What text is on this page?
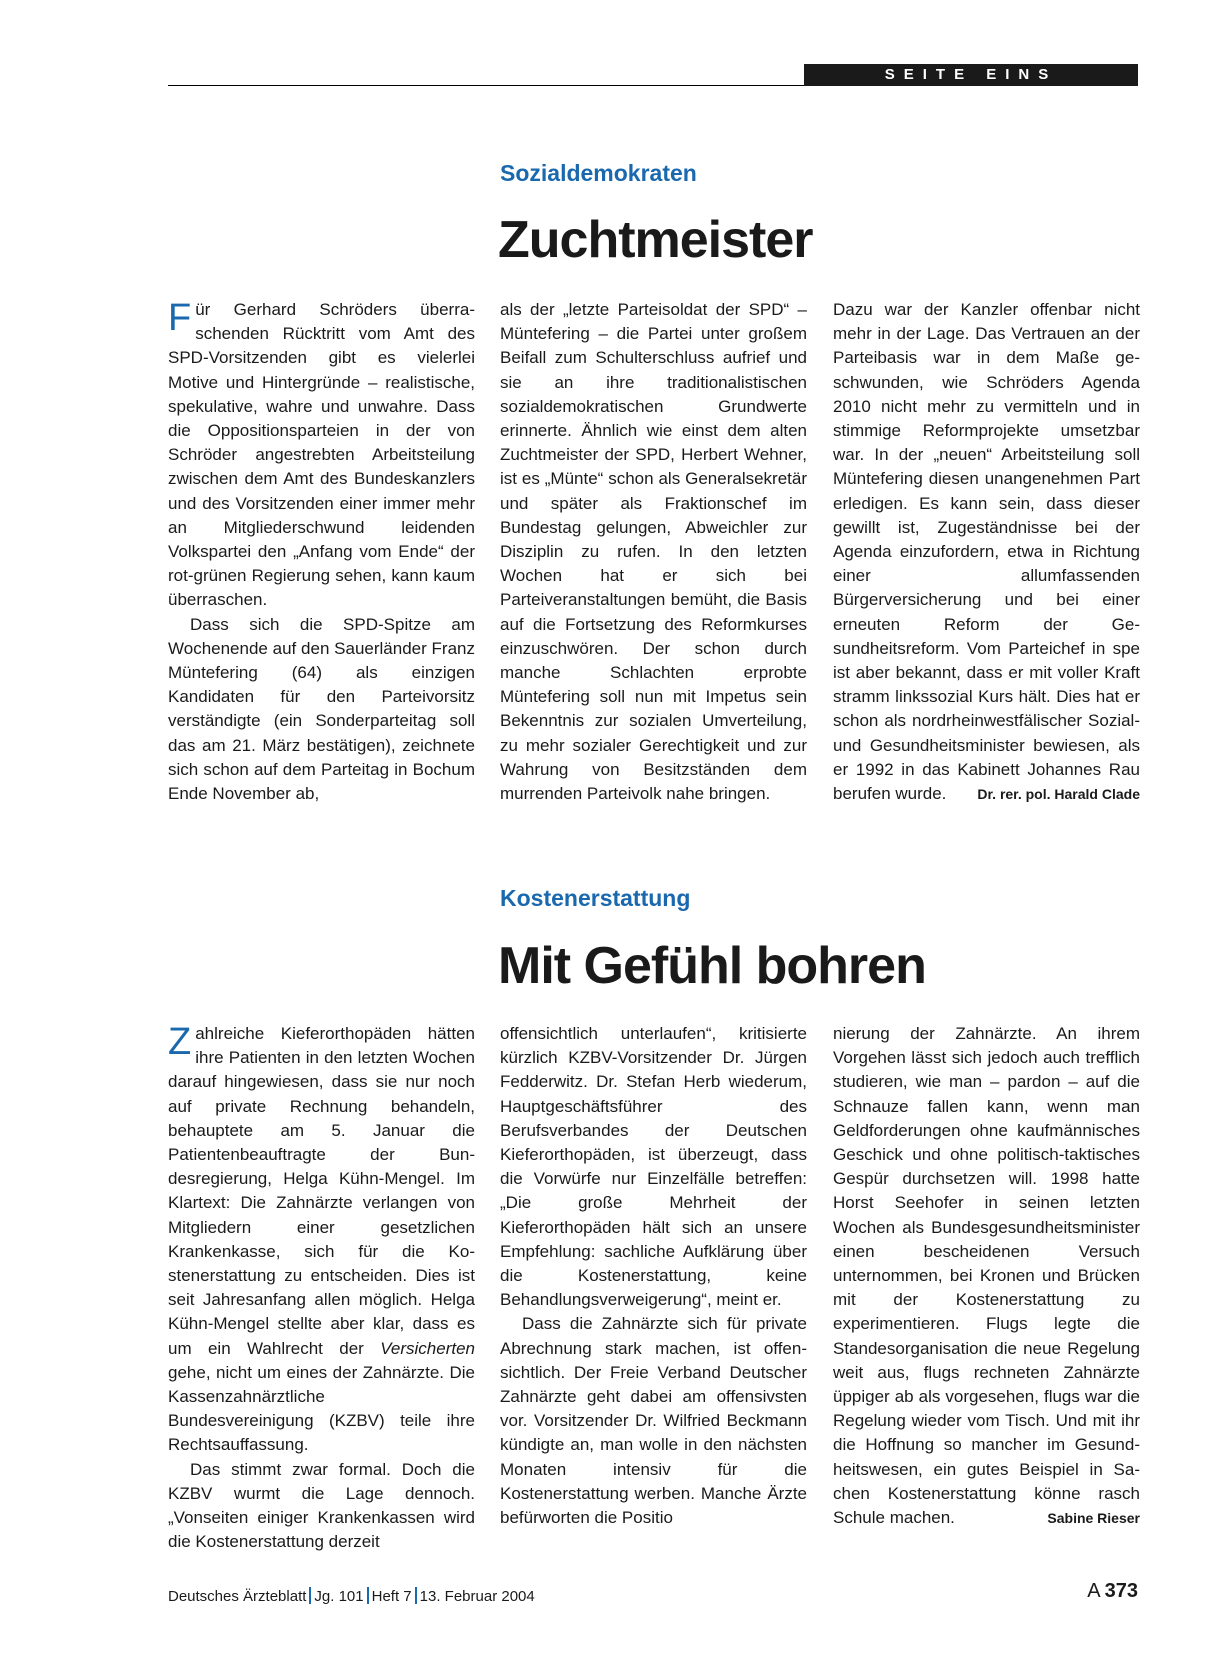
SEITE EINS
Sozialdemokraten
Zuchtmeister

Für Gerhard Schröders überraschenden Rücktritt vom Amt des SPD-Vorsitzenden gibt es vielerlei Motive und Hintergründe – realistische, spekulative, wahre und unwahre. Dass die Oppositionsparteien in der von Schröder angestrebten Arbeitsteilung zwischen dem Amt des Bundeskanzlers und des Vorsitzenden einer immer mehr an Mitgliederschwund leidenden Volkspartei den „Anfang vom Ende“ der rot-grünen Regierung sehen, kann kaum überraschen.

Dass sich die SPD-Spitze am Wochenende auf den Sauerländer Franz Müntefering (64) als einzigen Kandidaten für den Parteivorsitz verständigte (ein Sonderparteitag soll das am 21. März bestätigen), zeichnete sich schon auf dem Parteitag in Bochum Ende November ab,

als der „letzte Parteisoldat der SPD“ – Müntefering – die Partei unter großem Beifall zum Schulterschluss aufrief und sie an ihre traditionalistischen sozialdemokratischen Grundwerte erinnerte. Ähnlich wie einst dem alten Zuchtmeister der SPD, Herbert Wehner, ist es „Münte“ schon als Generalsekretär und später als Fraktionschef im Bundestag gelungen, Abweichler zur Disziplin zu rufen. In den letzten Wochen hat er sich bei Parteiveranstaltungen bemüht, die Basis auf die Fortsetzung des Reformkurses einzuschwören. Der schon durch manche Schlachten erprobte Müntefering soll nun mit Impetus sein Bekenntnis zur sozialen Umverteilung, zu mehr sozialer Gerechtigkeit und zur Wahrung von Besitzständen dem murrenden Parteivolk nahe bringen.

Dazu war der Kanzler offenbar nicht mehr in der Lage. Das Vertrauen an der Parteibasis war in dem Maße geschwunden, wie Schröders Agenda 2010 nicht mehr zu vermitteln und in stimmige Reformprojekte umsetzbar war. In der „neuen“ Arbeitsteilung soll Müntefering diesen unangenehmen Part erledigen. Es kann sein, dass dieser gewillt ist, Zugeständnisse bei der Agenda einzufordern, etwa in Richtung einer allumfassenden Bürgerversicherung und bei einer erneuten Reform der Gesundheitsreform. Vom Parteichef in spe ist aber bekannt, dass er mit voller Kraft stramm linkssozial Kurs hält. Dies hat er schon als nordrheinwestfälischer Sozial- und Gesundheitsminister bewiesen, als er 1992 in das Kabinett Johannes Rau berufen wurde. Dr. rer. pol. Harald Clade

Kostenerstattung
Mit Gefühl bohren

Zahlreiche Kieferorthopäden hätten ihre Patienten in den letzten Wochen darauf hingewiesen, dass sie nur noch auf private Rechnung behandeln, behauptete am 5. Januar die Patientenbeauftragte der Bundesregierung, Helga Kühn-Mengel. Im Klartext: Die Zahnärzte verlangen von Mitgliedern einer gesetzlichen Krankenkasse, sich für die Kostenerstattung zu entscheiden. Dies ist seit Jahresanfang allen möglich. Helga Kühn-Mengel stellte aber klar, dass es um ein Wahlrecht der Versicherten gehe, nicht um eines der Zahnärzte. Die Kassenzahnärztliche Bundesvereinigung (KZBV) teile ihre Rechtsauffassung.

Das stimmt zwar formal. Doch die KZBV wurmt die Lage dennoch. „Vonseiten einiger Krankenkassen wird die Kostenerstattung derzeit

offensichtlich unterlaufen“, kritisierte kürzlich KZBV-Vorsitzender Dr. Jürgen Fedderwitz. Dr. Stefan Herb wiederum, Hauptgeschäftsführer des Berufsverbandes der Deutschen Kieferorthopäden, ist überzeugt, dass die Vorwürfe nur Einzelfälle betreffen: „Die große Mehrheit der Kieferorthopäden hält sich an unsere Empfehlung: sachliche Aufklärung über die Kostenerstattung, keine Behandlungsverweigerung“, meint er.

Dass die Zahnärzte sich für private Abrechnung stark machen, ist offensichtlich. Der Freie Verband Deutscher Zahnärzte geht dabei am offensivsten vor. Vorsitzender Dr. Wilfried Beckmann kündigte an, man wolle in den nächsten Monaten intensiv für die Kostenerstattung werben. Manche Ärzte befürworten die Positio

nierung der Zahnärzte. An ihrem Vorgehen lässt sich jedoch auch trefflich studieren, wie man – pardon – auf die Schnauze fallen kann, wenn man Geldforderungen ohne kaufmännisches Geschick und ohne politisch-taktisches Gespür durchsetzen will. 1998 hatte Horst Seehofer in seinen letzten Wochen als Bundesgesundheitsminister einen bescheidenen Versuch unternommen, bei Kronen und Brücken mit der Kostenerstattung zu experimentieren. Flugs legte die Standesorganisation die neue Regelung weit aus, flugs rechneten Zahnärzte üppiger ab als vorgesehen, flugs war die Regelung wieder vom Tisch. Und mit ihr die Hoffnung so mancher im Gesundheitswesen, ein gutes Beispiel in Sachen Kostenerstattung könne rasch Schule machen.	Sabine Rieser

Deutsches Ärzteblatt Jg. 101 Heft 7 13. Februar 2004	A  373
